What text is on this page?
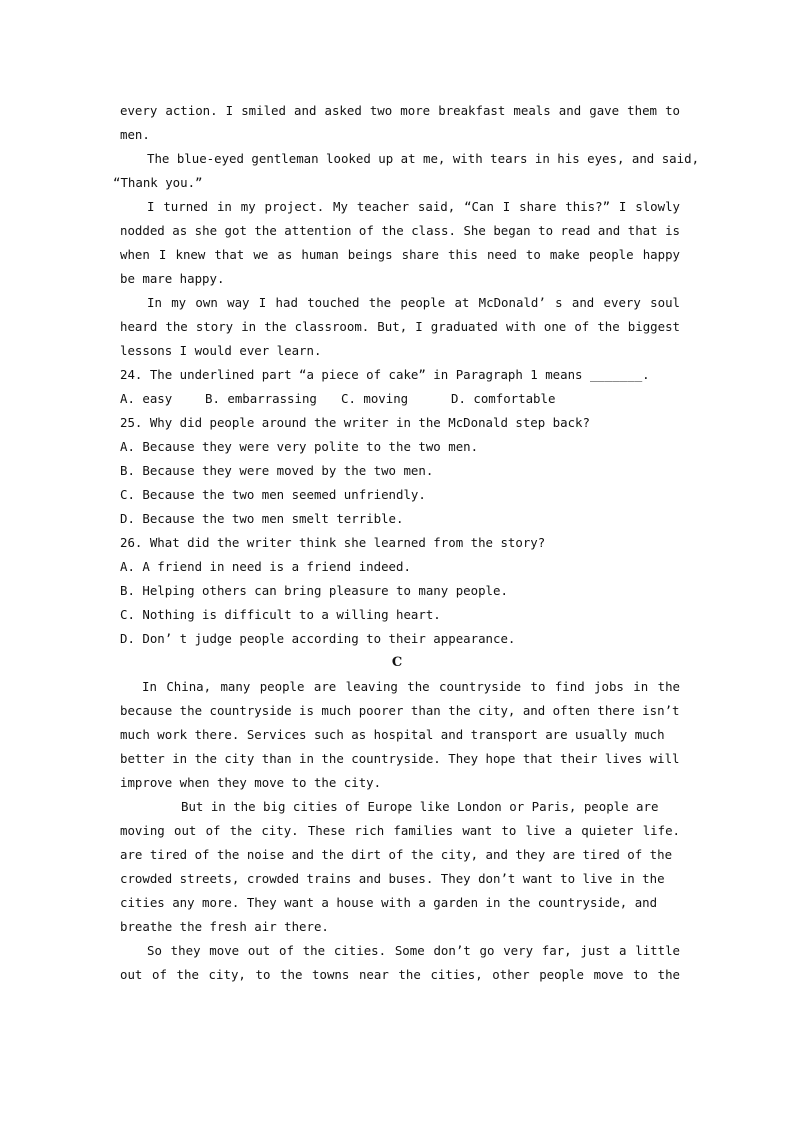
every action. I smiled and asked two more breakfast meals and gave them to
men.
The blue-eyed gentleman looked up at me, with tears in his eyes, and said,
“Thank you.”
I turned in my project. My teacher said, “Can I share this?” I slowly
nodded as she got the attention of the class. She began to read and that is
when I knew that we as human beings share this need to make people happy
be mare happy.
In my own way I had touched the people at McDonald’ s and every soul
heard the story in the classroom. But, I graduated with one of the biggest
lessons I would ever learn.
24. The underlined part “a piece of cake” in Paragraph 1 means _______.
A. easy	B. embarrassing C. moving	D. comfortable
25. Why did people around the writer in the McDonald step back?
A. Because they were very polite to the two men.
B. Because they were moved by the two men.
C. Because the two men seemed unfriendly.
D. Because the two men smelt terrible.
26. What did the writer think she learned from the story?
A. A friend in need is a friend indeed.
B. Helping others can bring pleasure to many people.
C. Nothing is difficult to a willing heart.
D. Don’ t judge people according to their appearance.
C
In China, many people are leaving the countryside to find jobs in the
because the countryside is much poorer than the city, and often there isn’t
much work there. Services such as hospital and transport are usually much
better in the city than in the countryside. They hope that their lives will
improve when they move to the city.
But in the big cities of Europe like London or Paris, people are
moving out of the city. These rich families want to live a quieter life.
are tired of the noise and the dirt of the city, and they are tired of the
crowded streets, crowded trains and buses. They don’t want to live in the
cities any more. They want a house with a garden in the countryside, and
breathe the fresh air there.
So they move out of the cities. Some don’t go very far, just a little
out of the city, to the towns near the cities, other people move to the
